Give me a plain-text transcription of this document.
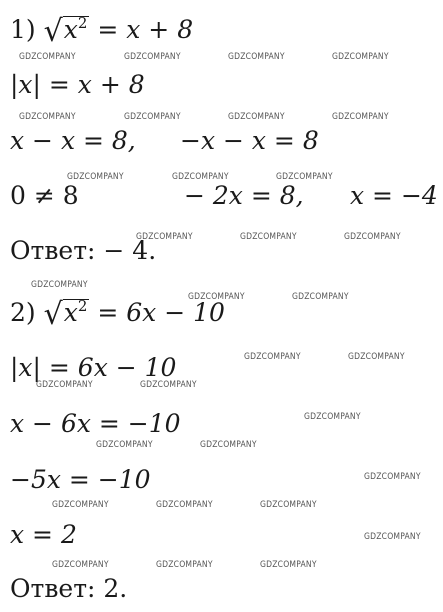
1) $√x^2 = x + 8$
|x| = x + 8
x − x = 8, −x − x = 8
0 ≠ 8	− 2x = 8, x = −4
Ответ: − 4.
2) $√x^2 = 6x - 10$
|x| = 6x − 10
x − 6x = −10
−5x = −10
x = 2
Ответ: 2.
GDZCOMPANY	GDZCOMPANY	GDZCOMPANY	GDZCOMPANY
GDZCOMPANY	GDZCOMPANY	GDZCOMPANY	GDZCOMPANY
GDZCOMPANY	GDZCOMPANY	GDZCOMPANY
GDZCOMPANY	GDZCOMPANY	GDZCOMPANY
GDZCOMPANY
GDZCOMPANY	GDZCOMPANY
GDZCOMPANY	GDZCOMPANY
GDZCOMPANY	GDZCOMPANY
GDZCOMPANY
GDZCOMPANY	GDZCOMPANY
GDZCOMPANY
GDZCOMPANY	GDZCOMPANY	GDZCOMPANY
GDZCOMPANY
GDZCOMPANY	GDZCOMPANY	GDZCOMPANY
